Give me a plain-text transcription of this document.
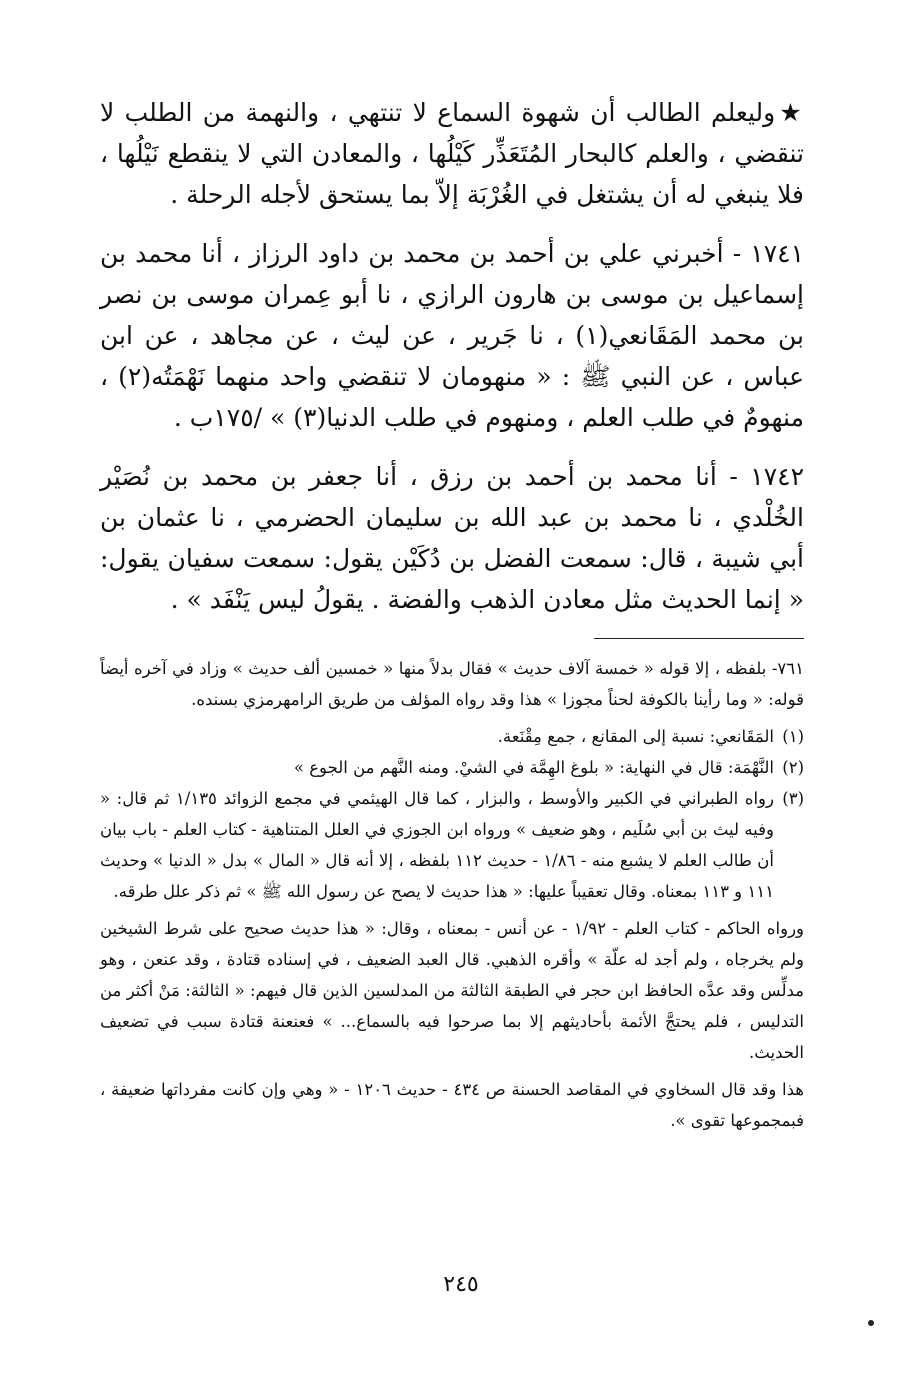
★وليعلم الطالب أن شهوة السماع لا تنتهي ، والنهمة من الطلب لا تنقضي ، والعلم كالبحار المُتَعَذِّر كَيْلُها ، والمعادن التي لا ينقطع نَيْلُها ، فلا ينبغي له أن يشتغل في الغُرْبَة إلاّ بما يستحق لأجله الرحلة .

١٧٤١ - أخبرني علي بن أحمد بن محمد بن داود الرزاز ، أنا محمد بن إسماعيل بن موسى بن هارون الرازي ، نا أبو عِمران موسى بن نصر بن محمد المَقَانعي(١) ، نا جَرير ، عن ليث ، عن مجاهد ، عن ابن عباس ، عن النبي ﷺ : « منهومان لا تنقضي واحد منهما نَهْمَتُه(٢) ، منهومٌ في طلب العلم ، ومنهوم في طلب الدنيا(٣) » /١٧٥ب .

١٧٤٢ - أنا محمد بن أحمد بن رزق ، أنا جعفر بن محمد بن نُصَيْر الخُلْدي ، نا محمد بن عبد الله بن سليمان الحضرمي ، نا عثمان بن أبي شيبة ، قال: سمعت الفضل بن دُكَيْن يقول: سمعت سفيان يقول: « إنما الحديث مثل معادن الذهب والفضة . يقولُ ليس يَنْفَد » .

٧٦١- بلفظه ، إلا قوله « خمسة آلاف حديث » فقال بدلاً منها « خمسين ألف حديث » وزاد في آخره أيضاً قوله: « وما رأينا بالكوفة لحناً مجوزا » هذا وقد رواه المؤلف من طريق الرامهرمزي بسنده.
(١)
المَقَانعي: نسبة إلى المقانع ، جمع مِقْنَعة.
(٢)
النَّهْمَة: قال في النهاية: « بلوغ الهِمَّة في الشيْ. ومنه النَّهم من الجوع »
(٣)
رواه الطبراني في الكبير والأوسط ، والبزار ، كما قال الهيثمي في مجمع الزوائد ١/١٣٥ ثم قال: « وفيه ليث بن أبي سُلَيم ، وهو ضعيف » ورواه ابن الجوزي في العلل المتناهية - كتاب العلم - باب بيان أن طالب العلم لا يشبع منه - ١/٨٦ - حديث ١١٢ بلفظه ، إلا أنه قال « المال » بدل « الدنيا » وحديث ١١١ و ١١٣ بمعناه. وقال تعقيباً عليها: « هذا حديث لا يصح عن رسول الله ﷺ » ثم ذكر علل طرقه.
ورواه الحاكم - كتاب العلم - ١/٩٢ - عن أنس - بمعناه ، وقال: « هذا حديث صحيح على شرط الشيخين ولم يخرجاه ، ولم أجد له علّة » وأقره الذهبي. قال العبد الضعيف ، في إسناده قتادة ، وقد عنعن ، وهو مدلِّس وقد عدَّه الحافظ ابن حجر في الطبقة الثالثة من المدلسين الذين قال فيهم: « الثالثة: مَنْ أكثر من التدليس ، فلم يحتجَّ الأئمة بأحاديثهم إلا بما صرحوا فيه بالسماع... » فعنعنة قتادة سبب في تضعيف الحديث.
هذا وقد قال السخاوي في المقاصد الحسنة ص ٤٣٤ - حديث ١٢٠٦ - « وهي وإن كانت مفرداتها ضعيفة ، فبمجموعها تقوى ».
٢٤٥
